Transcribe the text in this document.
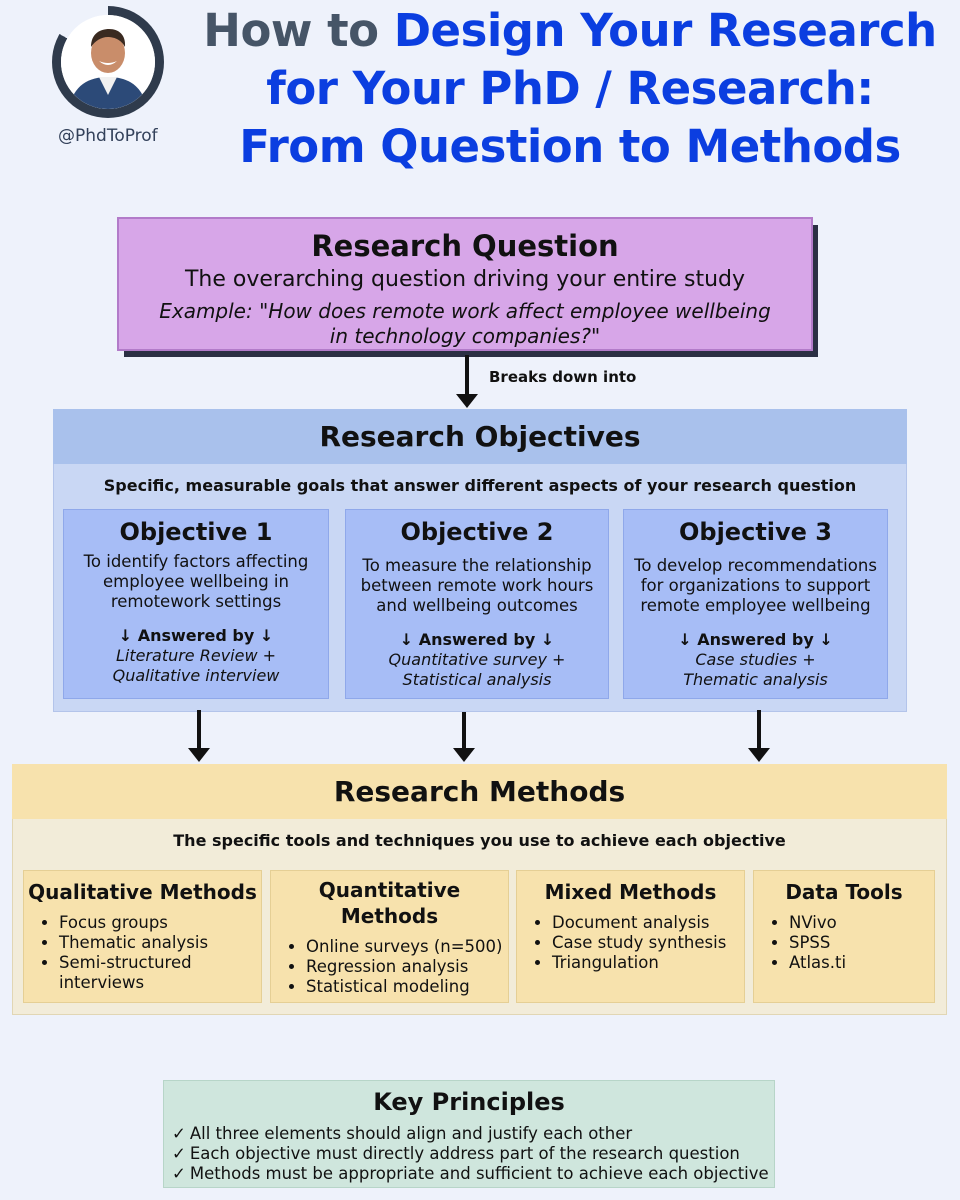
@PhdToProf
How to Design Your Research
for Your PhD / Research:
From Question to Methods
Research Question
The overarching question driving your entire study
Example: "How does remote work affect employee wellbeing
in technology companies?"
Breaks down into
Research Objectives
Specific, measurable goals that answer different aspects of your research question
Objective 1
To identify factors affecting
employee wellbeing in
remotework settings
↓ Answered by ↓
Literature Review +
Qualitative interview
Objective 2
To measure the relationship
between remote work hours
and wellbeing outcomes
↓ Answered by ↓
Quantitative survey +
Statistical analysis
Objective 3
To develop recommendations
for organizations to support
remote employee wellbeing
↓ Answered by ↓
Case studies +
Thematic analysis
Research Methods
The specific tools and techniques you use to achieve each objective
Qualitative Methods
• Focus groups
• Thematic analysis
• Semi-structured interviews
Quantitative Methods
• Online surveys (n=500)
• Regression analysis
• Statistical modeling
Mixed Methods
• Document analysis
• Case study synthesis
• Triangulation
Data Tools
• NVivo
• SPSS
• Atlas.ti
Key Principles
✓ All three elements should align and justify each other
✓ Each objective must directly address part of the research question
✓ Methods must be appropriate and sufficient to achieve each objective
